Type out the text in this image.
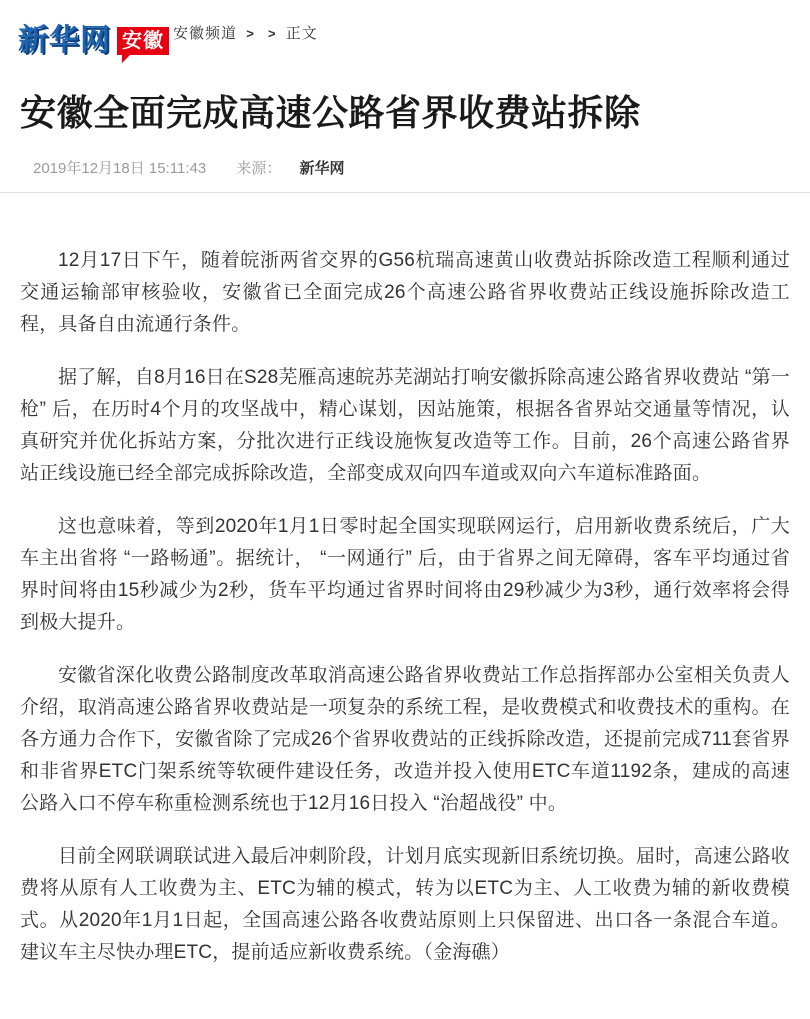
新华网 安徽 安徽频道 > > 正文
安徽全面完成高速公路省界收费站拆除
2019年12月18日 15:11:43 来源： 新华网

12月17日下午，随着皖浙两省交界的G56杭瑞高速黄山收费站拆除改造工程顺利通过交通运输部审核验收，安徽省已全面完成26个高速公路省界收费站正线设施拆除改造工程，具备自由流通行条件。

据了解，自8月16日在S28芜雁高速皖苏芜湖站打响安徽拆除高速公路省界收费站 “第一枪” 后，在历时4个月的攻坚战中，精心谋划，因站施策，根据各省界站交通量等情况，认真研究并优化拆站方案，分批次进行正线设施恢复改造等工作。目前，26个高速公路省界站正线设施已经全部完成拆除改造，全部变成双向四车道或双向六车道标准路面。

这也意味着，等到2020年1月1日零时起全国实现联网运行，启用新收费系统后，广大车主出省将 “一路畅通”。据统计， “一网通行” 后，由于省界之间无障碍，客车平均通过省界时间将由15秒减少为2秒，货车平均通过省界时间将由29秒减少为3秒，通行效率将会得到极大提升。

安徽省深化收费公路制度改革取消高速公路省界收费站工作总指挥部办公室相关负责人介绍，取消高速公路省界收费站是一项复杂的系统工程，是收费模式和收费技术的重构。在各方通力合作下，安徽省除了完成26个省界收费站的正线拆除改造，还提前完成711套省界和非省界ETC门架系统等软硬件建设任务，改造并投入使用ETC车道1192条，建成的高速公路入口不停车称重检测系统也于12月16日投入 “治超战役” 中。

目前全网联调联试进入最后冲刺阶段，计划月底实现新旧系统切换。届时，高速公路收费将从原有人工收费为主、ETC为辅的模式，转为以ETC为主、人工收费为辅的新收费模式。从2020年1月1日起，全国高速公路各收费站原则上只保留进、出口各一条混合车道。建议车主尽快办理ETC，提前适应新收费系统。（金海礁）
